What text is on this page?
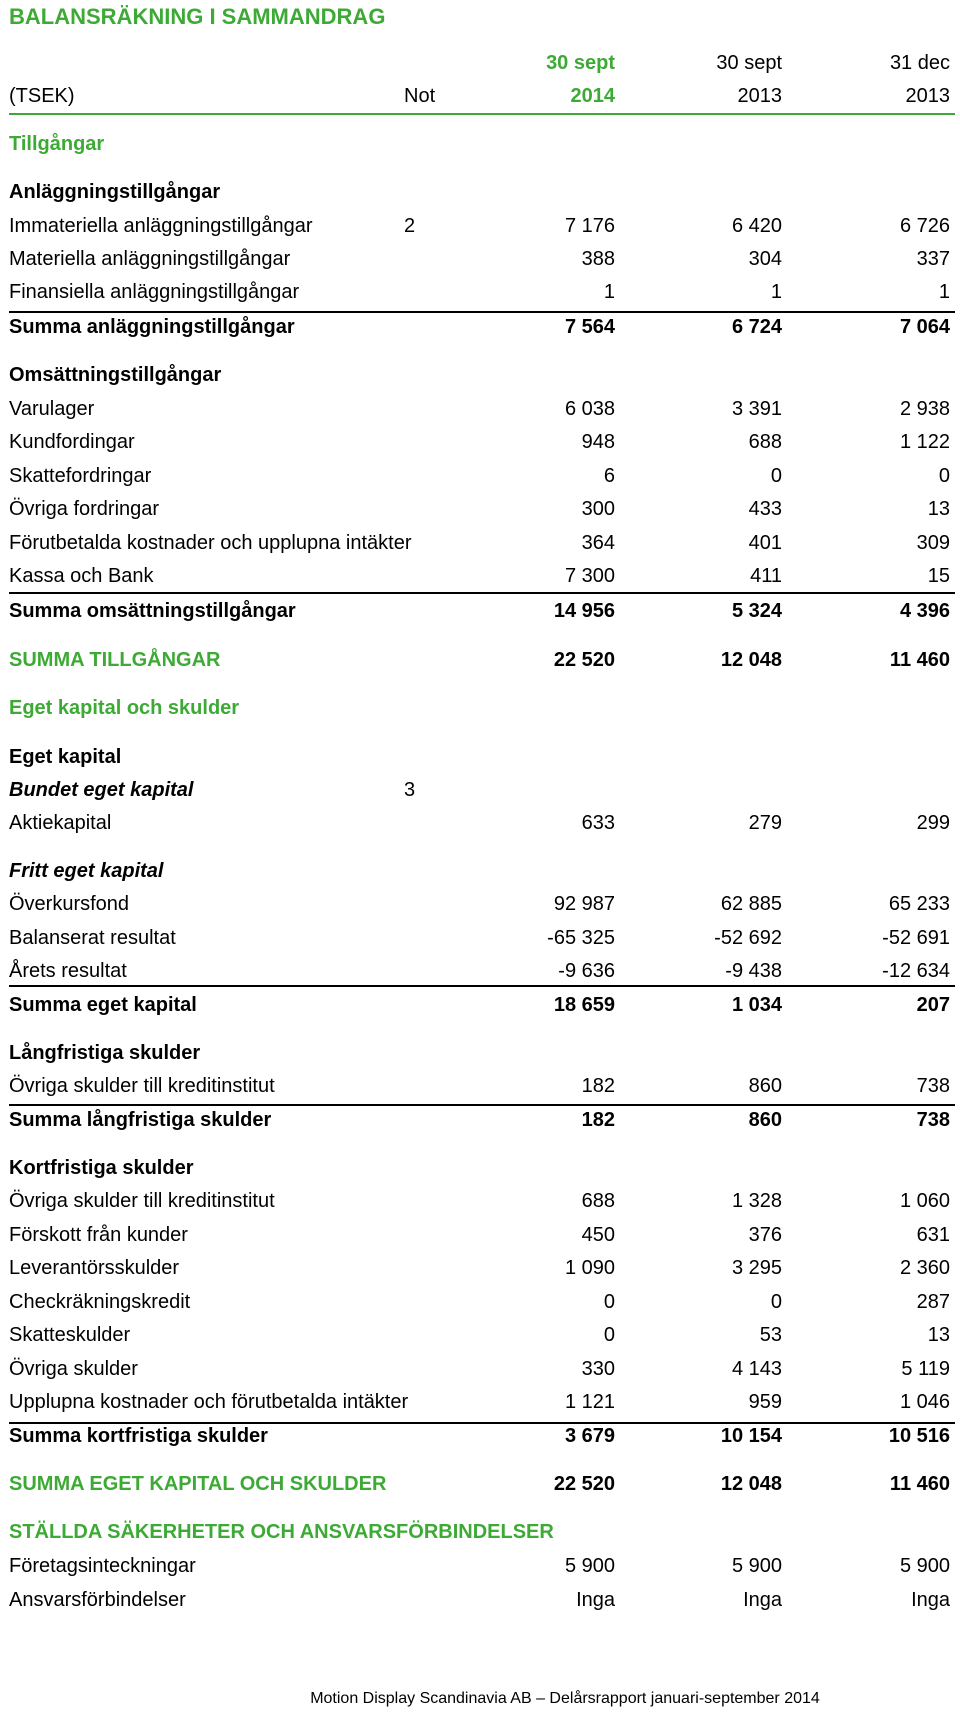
BALANSRÄKNING I SAMMANDRAG
30 sept	30 sept	31 dec
(TSEK)	Not	2014	2013	2013
Tillgångar
Anläggningstillgångar
Immateriella anläggningstillgångar	2	7 176	6 420	6 726
Materiella anläggningstillgångar	388	304	337
Finansiella anläggningstillgångar	1	1	1
Summa anläggningstillgångar	7 564	6 724	7 064
Omsättningstillgångar
Varulager	6 038	3 391	2 938
Kundfordingar	948	688	1 122
Skattefordringar	6	0	0
Övriga fordringar	300	433	13
Förutbetalda kostnader och upplupna intäkter	364	401	309
Kassa och Bank	7 300	411	15
Summa omsättningstillgångar	14 956	5 324	4 396
SUMMA TILLGÅNGAR	22 520	12 048	11 460
Eget kapital och skulder
Eget kapital
Bundet eget kapital	3
Aktiekapital	633	279	299
Fritt eget kapital
Överkursfond	92 987	62 885	65 233
Balanserat resultat	-65 325	-52 692	-52 691
Årets resultat	-9 636	-9 438	-12 634
Summa eget kapital	18 659	1 034	207
Långfristiga skulder
Övriga skulder till kreditinstitut	182	860	738
Summa långfristiga skulder	182	860	738
Kortfristiga skulder
Övriga skulder till kreditinstitut	688	1 328	1 060
Förskott från kunder	450	376	631
Leverantörsskulder	1 090	3 295	2 360
Checkräkningskredit	0	0	287
Skatteskulder	0	53	13
Övriga skulder	330	4 143	5 119
Upplupna kostnader och förutbetalda intäkter	1 121	959	1 046
Summa kortfristiga skulder	3 679	10 154	10 516
SUMMA EGET KAPITAL OCH SKULDER	22 520	12 048	11 460
STÄLLDA SÄKERHETER OCH ANSVARSFÖRBINDELSER
Företagsinteckningar	5 900	5 900	5 900
Ansvarsförbindelser	Inga	Inga	Inga
Motion Display Scandinavia AB – Delårsrapport januari-september 2014
